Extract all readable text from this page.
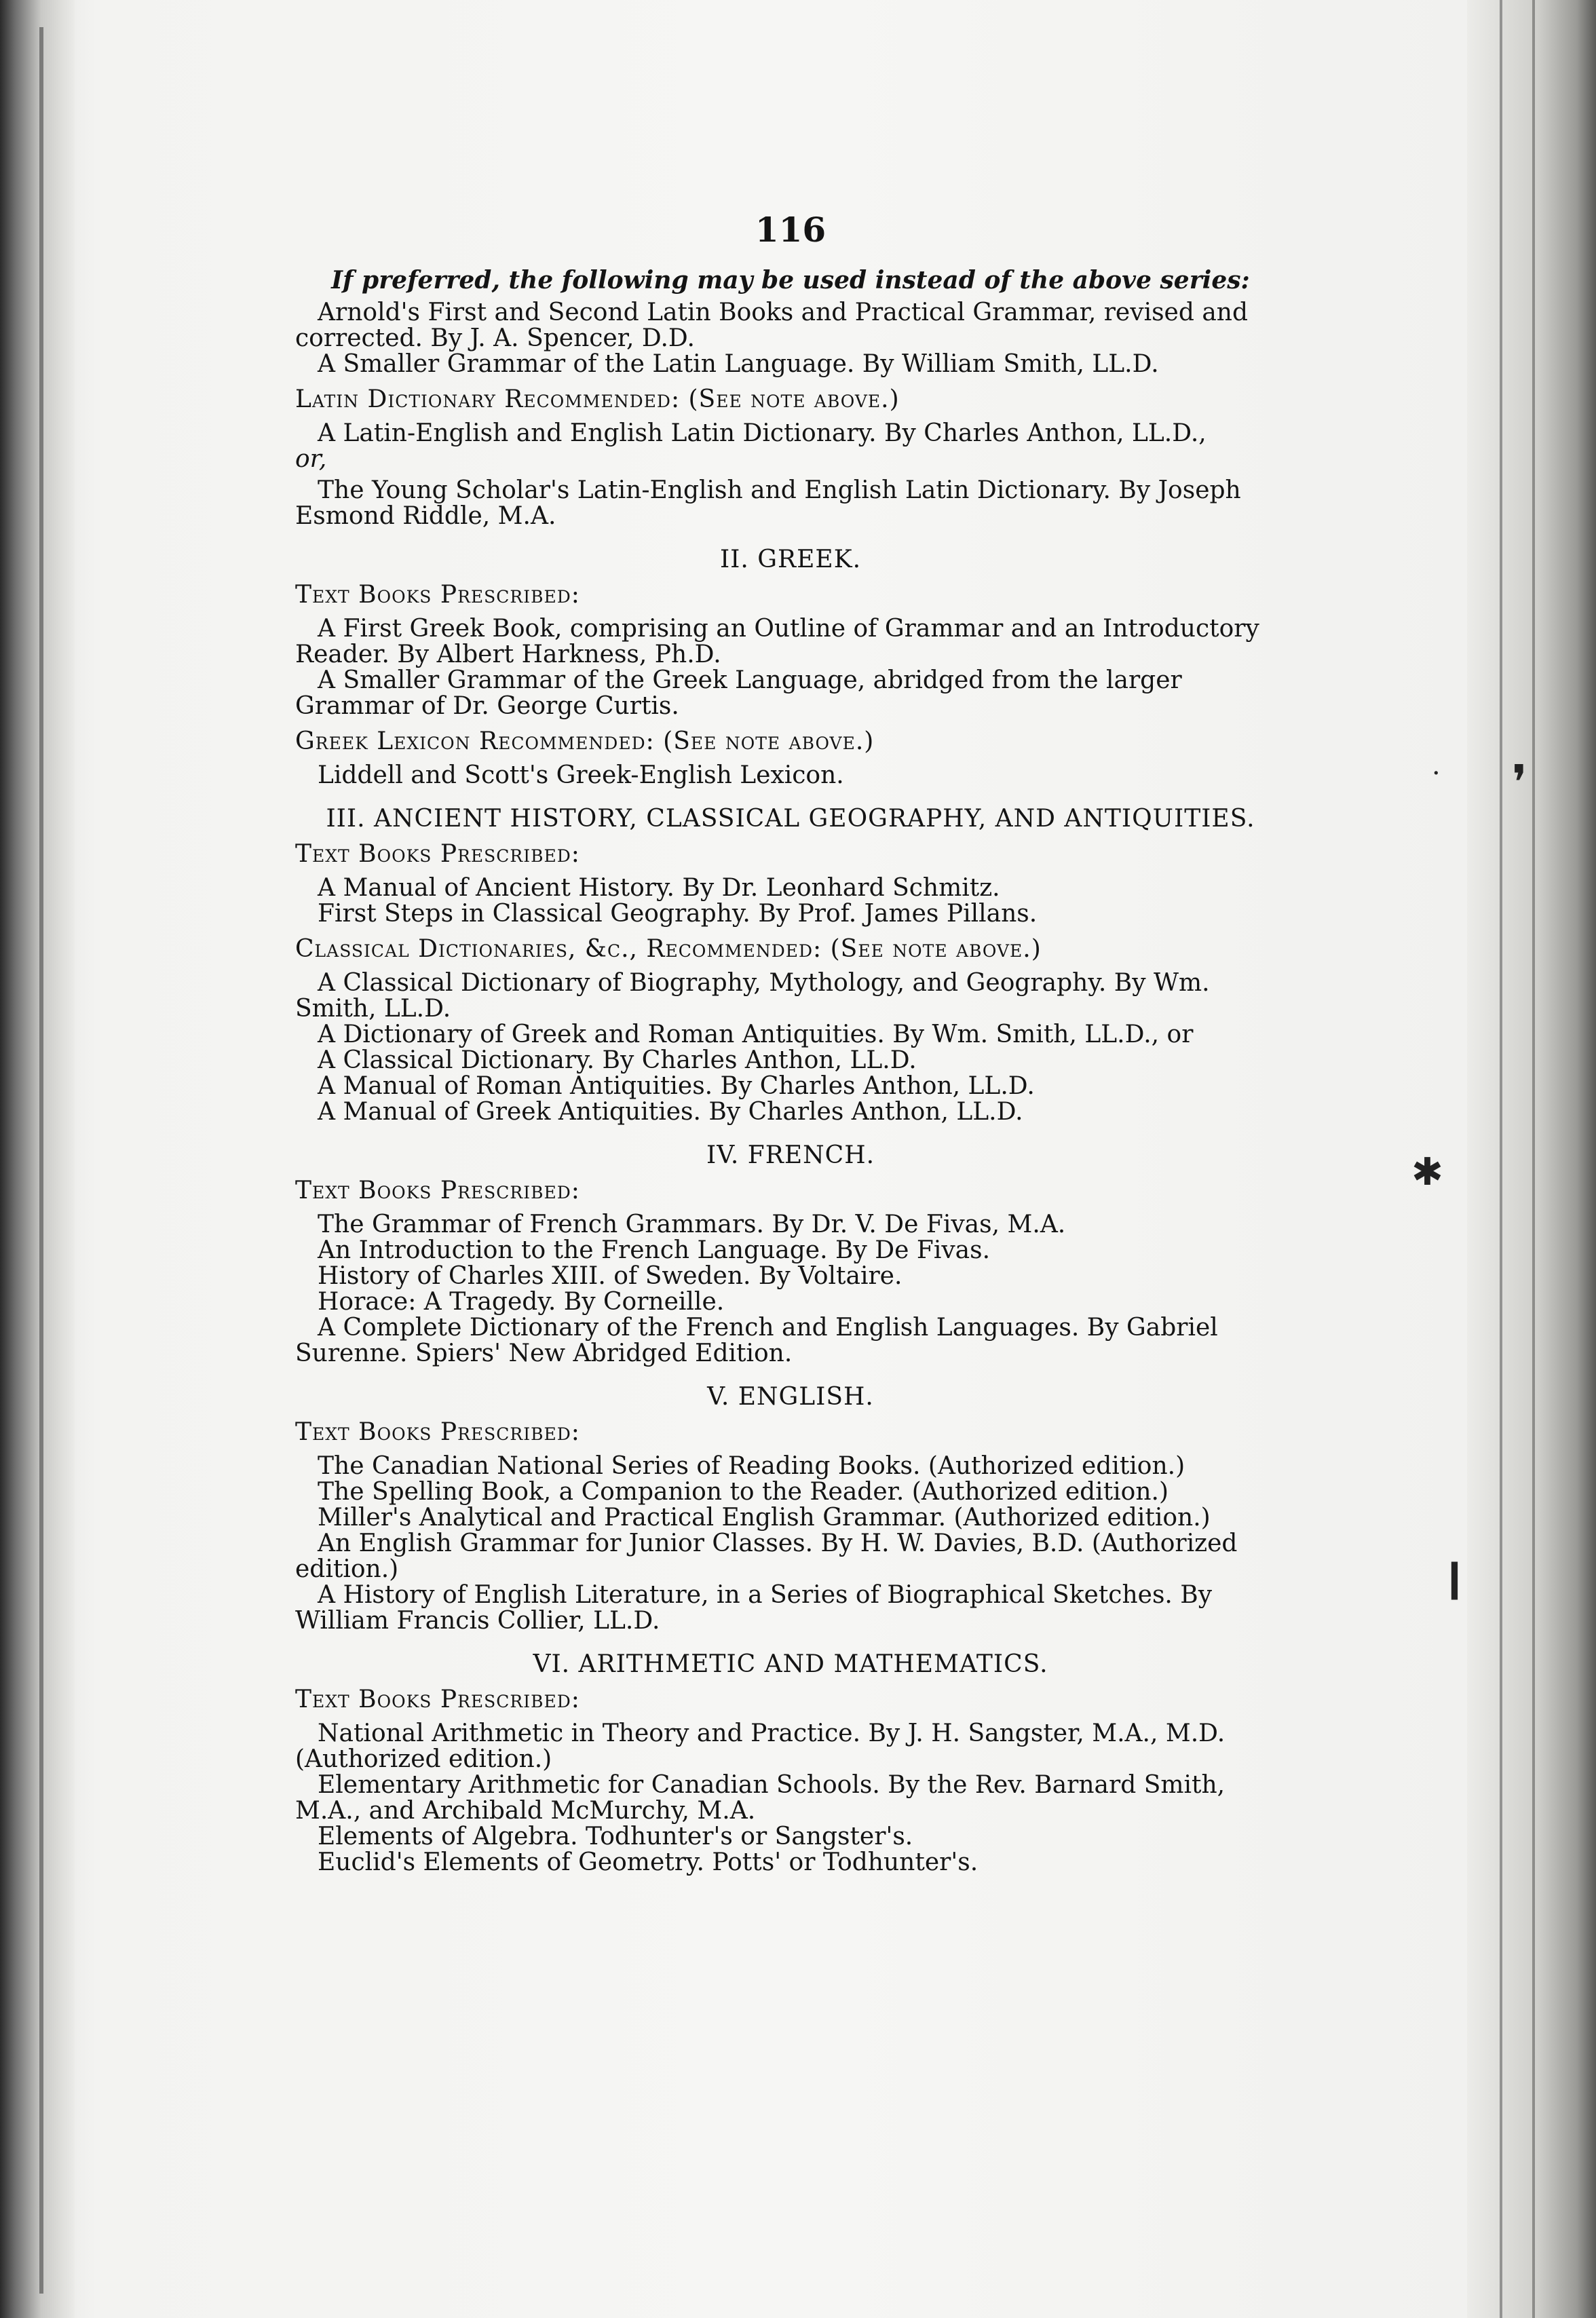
❜
·
✱
❙
116
If preferred, the following may be used instead of the above series:

Arnold's First and Second Latin Books and Practical Grammar, revised and corrected. By J. A. Spencer, D.D.

A Smaller Grammar of the Latin Language. By William Smith, LL.D.

Latin Dictionary Recommended: (See note above.)

A Latin-English and English Latin Dictionary. By Charles Anthon, LL.D.,

or,

The Young Scholar's Latin-English and English Latin Dictionary. By Joseph Esmond Riddle, M.A.

II. GREEK.
Text Books Prescribed:

A First Greek Book, comprising an Outline of Grammar and an Introductory Reader. By Albert Harkness, Ph.D.

A Smaller Grammar of the Greek Language, abridged from the larger Grammar of Dr. George Curtis.

Greek Lexicon Recommended: (See note above.)

Liddell and Scott's Greek-English Lexicon.

III. ANCIENT HISTORY, CLASSICAL GEOGRAPHY, AND ANTIQUITIES.
Text Books Prescribed:

A Manual of Ancient History. By Dr. Leonhard Schmitz.

First Steps in Classical Geography. By Prof. James Pillans.

Classical Dictionaries, &c., Recommended: (See note above.)

A Classical Dictionary of Biography, Mythology, and Geography. By Wm. Smith, LL.D.

A Dictionary of Greek and Roman Antiquities. By Wm. Smith, LL.D., or

A Classical Dictionary. By Charles Anthon, LL.D.

A Manual of Roman Antiquities. By Charles Anthon, LL.D.

A Manual of Greek Antiquities. By Charles Anthon, LL.D.

IV. FRENCH.
Text Books Prescribed:

The Grammar of French Grammars. By Dr. V. De Fivas, M.A.

An Introduction to the French Language. By De Fivas.

History of Charles XIII. of Sweden. By Voltaire.

Horace: A Tragedy. By Corneille.

A Complete Dictionary of the French and English Languages. By Gabriel Surenne. Spiers' New Abridged Edition.

V. ENGLISH.
Text Books Prescribed:

The Canadian National Series of Reading Books. (Authorized edition.)

The Spelling Book, a Companion to the Reader. (Authorized edition.)

Miller's Analytical and Practical English Grammar. (Authorized edition.)

An English Grammar for Junior Classes. By H. W. Davies, B.D. (Authorized edition.)

A History of English Literature, in a Series of Biographical Sketches. By William Francis Collier, LL.D.

VI. ARITHMETIC AND MATHEMATICS.
Text Books Prescribed:

National Arithmetic in Theory and Practice. By J. H. Sangster, M.A., M.D. (Authorized edition.)

Elementary Arithmetic for Canadian Schools. By the Rev. Barnard Smith, M.A., and Archibald McMurchy, M.A.

Elements of Algebra. Todhunter's or Sangster's.

Euclid's Elements of Geometry. Potts' or Todhunter's.
